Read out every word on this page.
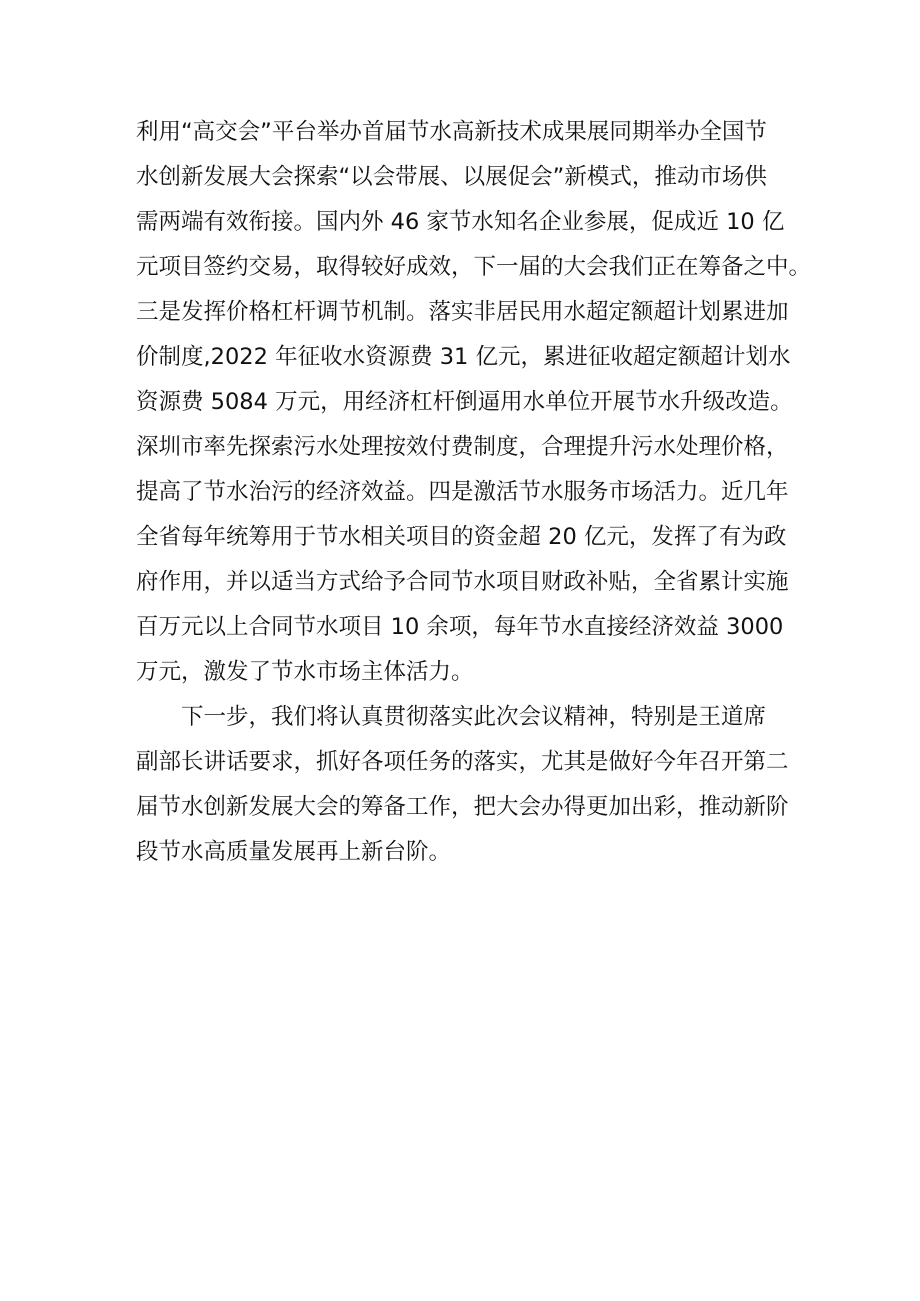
利用“高交会”平台举办首届节水高新技术成果展同期举办全国节
水创新发展大会探索“以会带展、以展促会”新模式，推动市场供
需两端有效衔接。国内外 46 家节水知名企业参展，促成近 10 亿
元项目签约交易，取得较好成效，下一届的大会我们正在筹备之中。
三是发挥价格杠杆调节机制。落实非居民用水超定额超计划累进加
价制度,2022 年征收水资源费 31 亿元，累进征收超定额超计划水
资源费 5084 万元，用经济杠杆倒逼用水单位开展节水升级改造。
深圳市率先探索污水处理按效付费制度，合理提升污水处理价格，
提高了节水治污的经济效益。四是激活节水服务市场活力。近几年
全省每年统筹用于节水相关项目的资金超 20 亿元，发挥了有为政
府作用，并以适当方式给予合同节水项目财政补贴，全省累计实施
百万元以上合同节水项目 10 余项，每年节水直接经济效益 3000
万元，激发了节水市场主体活力。
下一步，我们将认真贯彻落实此次会议精神，特别是王道席
副部长讲话要求，抓好各项任务的落实，尤其是做好今年召开第二
届节水创新发展大会的筹备工作，把大会办得更加出彩，推动新阶
段节水高质量发展再上新台阶。
